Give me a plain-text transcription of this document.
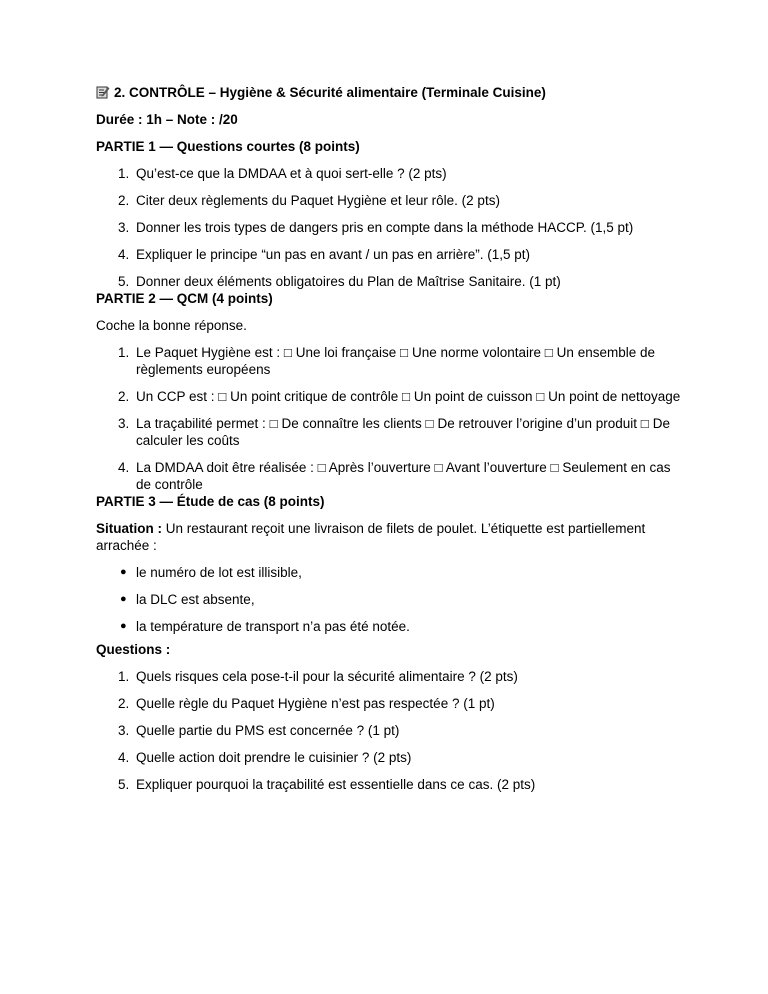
2. CONTRÔLE – Hygiène & Sécurité alimentaire (Terminale Cuisine)
Durée : 1h – Note : /20
PARTIE 1 — Questions courtes (8 points)
1. Qu’est-ce que la DMDAA et à quoi sert-elle ? (2 pts)
2. Citer deux règlements du Paquet Hygiène et leur rôle. (2 pts)
3. Donner les trois types de dangers pris en compte dans la méthode HACCP. (1,5 pt)
4. Expliquer le principe “un pas en avant / un pas en arrière”. (1,5 pt)
5. Donner deux éléments obligatoires du Plan de Maîtrise Sanitaire. (1 pt)
PARTIE 2 — QCM (4 points)
Coche la bonne réponse.
1. Le Paquet Hygiène est : □ Une loi française □ Une norme volontaire □ Un ensemble de règlements européens
2. Un CCP est : □ Un point critique de contrôle □ Un point de cuisson □ Un point de nettoyage
3. La traçabilité permet : □ De connaître les clients □ De retrouver l’origine d’un produit □ De calculer les coûts
4. La DMDAA doit être réalisée : □ Après l’ouverture □ Avant l’ouverture □ Seulement en cas de contrôle
PARTIE 3 — Étude de cas (8 points)
Situation : Un restaurant reçoit une livraison de filets de poulet. L’étiquette est partiellement arrachée :
● le numéro de lot est illisible,
● la DLC est absente,
● la température de transport n’a pas été notée.
Questions :
1. Quels risques cela pose-t-il pour la sécurité alimentaire ? (2 pts)
2. Quelle règle du Paquet Hygiène n’est pas respectée ? (1 pt)
3. Quelle partie du PMS est concernée ? (1 pt)
4. Quelle action doit prendre le cuisinier ? (2 pts)
5. Expliquer pourquoi la traçabilité est essentielle dans ce cas. (2 pts)
